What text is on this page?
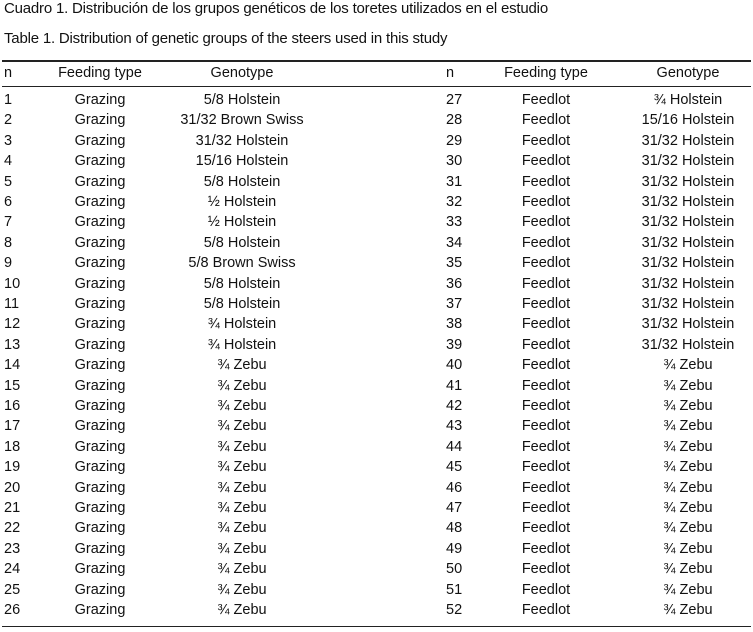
Cuadro 1. Distribución de los grupos genéticos de los toretes utilizados en el estudio
Table 1. Distribution of genetic groups of the steers used in this study
n	Feeding type	Genotype	n	Feeding type	Genotype
1	Grazing	5/8 Holstein	27	Feedlot	¾ Holstein
2	Grazing	31/32 Brown Swiss	28	Feedlot	15/16 Holstein
3	Grazing	31/32 Holstein	29	Feedlot	31/32 Holstein
4	Grazing	15/16 Holstein	30	Feedlot	31/32 Holstein
5	Grazing	5/8 Holstein	31	Feedlot	31/32 Holstein
6	Grazing	½ Holstein	32	Feedlot	31/32 Holstein
7	Grazing	½ Holstein	33	Feedlot	31/32 Holstein
8	Grazing	5/8 Holstein	34	Feedlot	31/32 Holstein
9	Grazing	5/8 Brown Swiss	35	Feedlot	31/32 Holstein
10	Grazing	5/8 Holstein	36	Feedlot	31/32 Holstein
11	Grazing	5/8 Holstein	37	Feedlot	31/32 Holstein
12	Grazing	¾ Holstein	38	Feedlot	31/32 Holstein
13	Grazing	¾ Holstein	39	Feedlot	31/32 Holstein
14	Grazing	¾ Zebu	40	Feedlot	¾ Zebu
15	Grazing	¾ Zebu	41	Feedlot	¾ Zebu
16	Grazing	¾ Zebu	42	Feedlot	¾ Zebu
17	Grazing	¾ Zebu	43	Feedlot	¾ Zebu
18	Grazing	¾ Zebu	44	Feedlot	¾ Zebu
19	Grazing	¾ Zebu	45	Feedlot	¾ Zebu
20	Grazing	¾ Zebu	46	Feedlot	¾ Zebu
21	Grazing	¾ Zebu	47	Feedlot	¾ Zebu
22	Grazing	¾ Zebu	48	Feedlot	¾ Zebu
23	Grazing	¾ Zebu	49	Feedlot	¾ Zebu
24	Grazing	¾ Zebu	50	Feedlot	¾ Zebu
25	Grazing	¾ Zebu	51	Feedlot	¾ Zebu
26	Grazing	¾ Zebu	52	Feedlot	¾ Zebu
